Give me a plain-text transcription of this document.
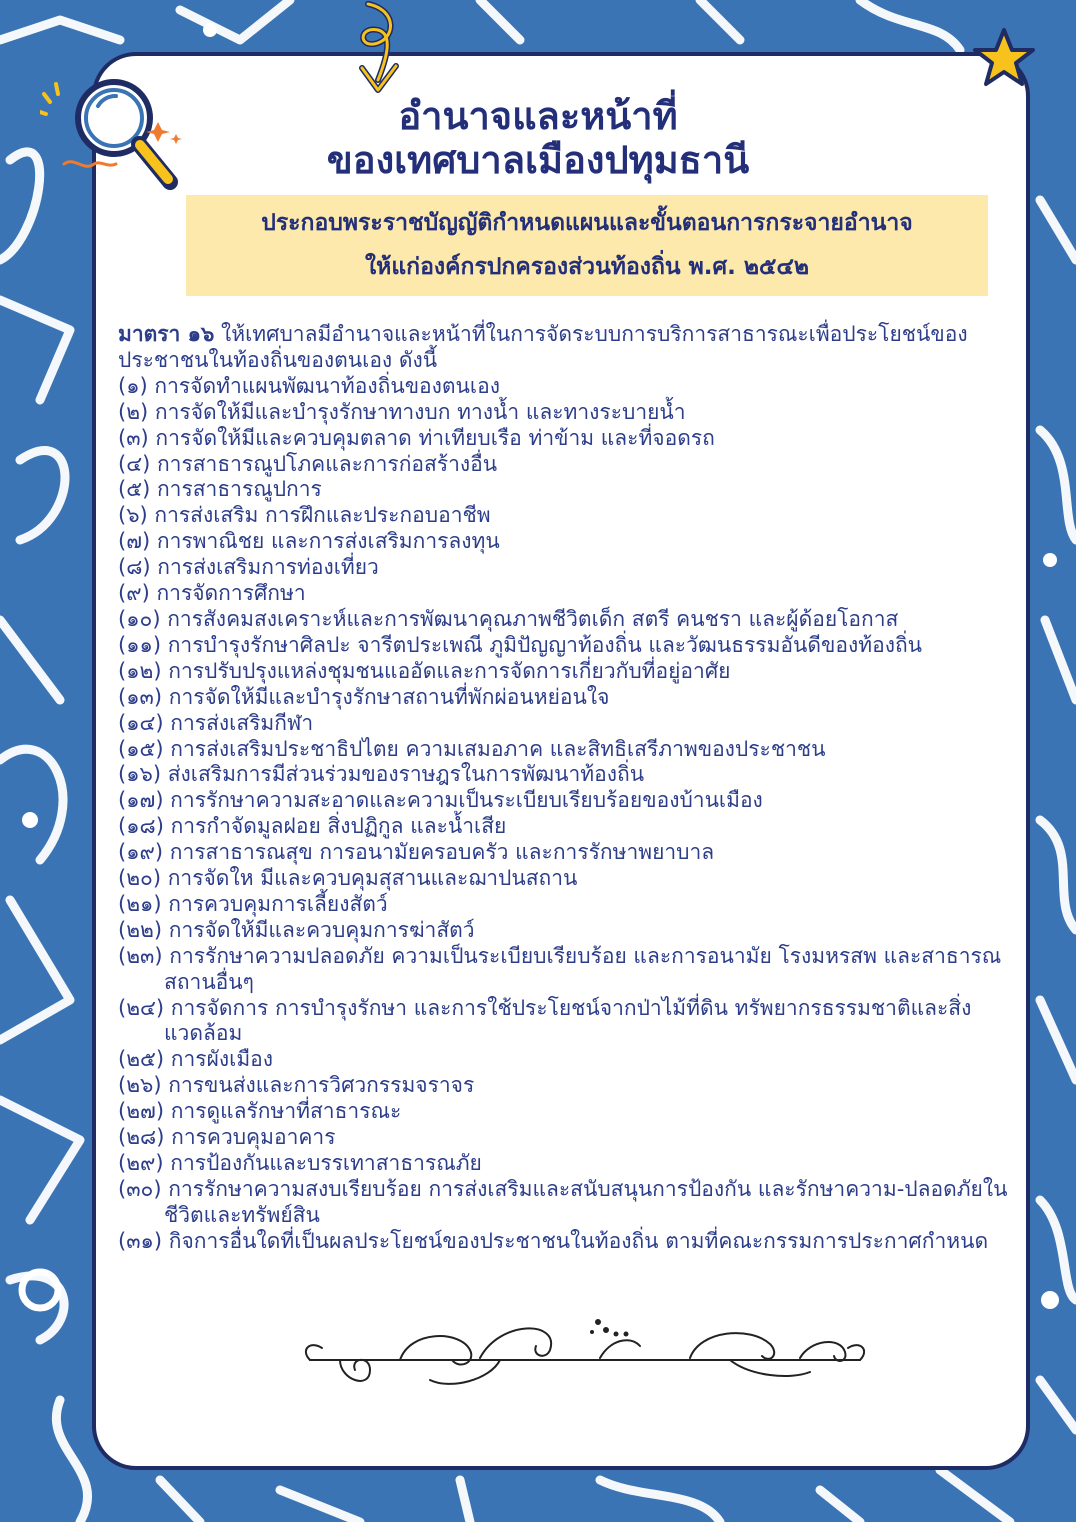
อำนาจและหน้าที่
ของเทศบาลเมืองปทุมธานี
ประกอบพระราชบัญญัติกำหนดแผนและขั้นตอนการกระจายอำนาจ
ให้แก่องค์กรปกครองส่วนท้องถิ่น พ.ศ. ๒๕๔๒

มาตรา ๑๖ ให้เทศบาลมีอำนาจและหน้าที่ในการจัดระบบการบริการสาธารณะเพื่อประโยชน์ของประชาชนในท้องถิ่นของตนเอง ดังนี้

(๑) การจัดทำแผนพัฒนาท้องถิ่นของตนเอง

(๒) การจัดให้มีและบำรุงรักษาทางบก ทางน้ำ และทางระบายน้ำ

(๓) การจัดให้มีและควบคุมตลาด ท่าเทียบเรือ ท่าข้าม และที่จอดรถ

(๔) การสาธารณูปโภคและการก่อสร้างอื่น

(๕) การสาธารณูปการ

(๖) การส่งเสริม การฝึกและประกอบอาชีพ

(๗) การพาณิชย และการส่งเสริมการลงทุน

(๘) การส่งเสริมการท่องเที่ยว

(๙) การจัดการศึกษา

(๑๐) การสังคมสงเคราะห์และการพัฒนาคุณภาพชีวิตเด็ก สตรี คนชรา และผู้ด้อยโอกาส

(๑๑) การบำรุงรักษาศิลปะ จารีตประเพณี ภูมิปัญญาท้องถิ่น และวัฒนธรรมอันดีของท้องถิ่น

(๑๒) การปรับปรุงแหล่งชุมชนแออัดและการจัดการเกี่ยวกับที่อยู่อาศัย

(๑๓) การจัดให้มีและบำรุงรักษาสถานที่พักผ่อนหย่อนใจ

(๑๔) การส่งเสริมกีฬา

(๑๕) การส่งเสริมประชาธิปไตย ความเสมอภาค และสิทธิเสรีภาพของประชาชน

(๑๖) ส่งเสริมการมีส่วนร่วมของราษฎรในการพัฒนาท้องถิ่น

(๑๗) การรักษาความสะอาดและความเป็นระเบียบเรียบร้อยของบ้านเมือง

(๑๘) การกำจัดมูลฝอย สิ่งปฏิกูล และน้ำเสีย

(๑๙) การสาธารณสุข การอนามัยครอบครัว และการรักษาพยาบาล

(๒๐) การจัดให มีและควบคุมสุสานและฌาปนสถาน

(๒๑) การควบคุมการเลี้ยงสัตว์

(๒๒) การจัดให้มีและควบคุมการฆ่าสัตว์

(๒๓) การรักษาความปลอดภัย ความเป็นระเบียบเรียบร้อย และการอนามัย โรงมหรสพ และสาธารณสถานอื่นๆ

(๒๔) การจัดการ การบำรุงรักษา และการใช้ประโยชน์จากป่าไม้ที่ดิน ทรัพยากรธรรมชาติและสิ่งแวดล้อม

(๒๕) การผังเมือง

(๒๖) การขนส่งและการวิศวกรรมจราจร

(๒๗) การดูแลรักษาที่สาธารณะ

(๒๘) การควบคุมอาคาร

(๒๙) การป้องกันและบรรเทาสาธารณภัย

(๓๐) การรักษาความสงบเรียบร้อย การส่งเสริมและสนับสนุนการป้องกัน และรักษาความ-ปลอดภัยในชีวิตและทรัพย์สิน

(๓๑) กิจการอื่นใดที่เป็นผลประโยชน์ของประชาชนในท้องถิ่น ตามที่คณะกรรมการประกาศกำหนด
